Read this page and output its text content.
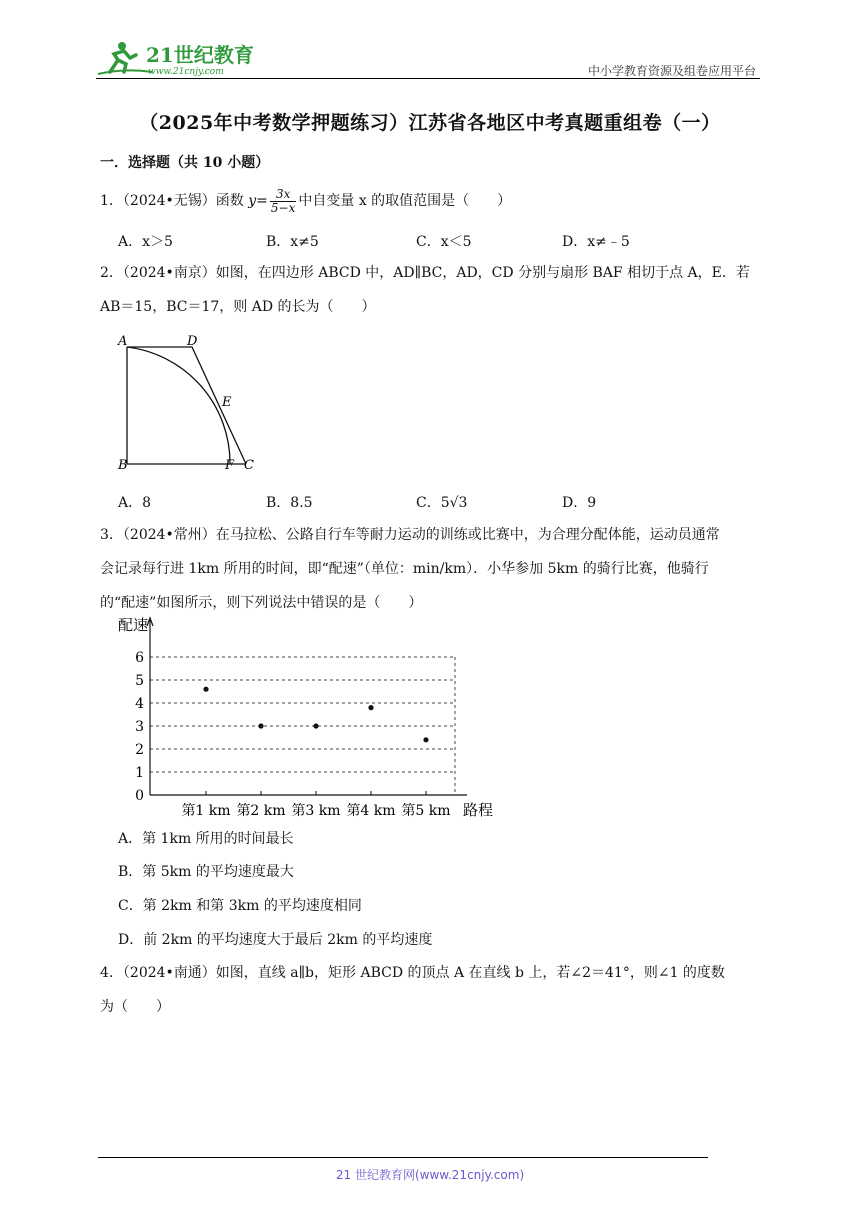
21世纪教育
www.21cnjy.com	中小学教育资源及组卷应用平台
（2025年中考数学押题练习）江苏省各地区中考真题重组卷（一）
一．选择题（共 10 小题）
1．（2024•无锡）函数 $y= \frac{3x}{5-x}$ 中自变量 x 的取值范围是（　　）
A．x＞5	B．x≠5	C．x＜5	D．x≠﹣5
2．（2024•南京）如图，在四边形 ABCD 中，AD∥BC，AD，CD 分别与扇形 BAF 相切于点 A，E．若
AB＝15，BC＝17，则 AD 的长为（　　）
A	D
E
B	F C
A．8	B．8.5	C．5√3	D．9
3．（2024•常州）在马拉松、公路自行车等耐力运动的训练或比赛中，为合理分配体能，运动员通常
会记录每行进 1km 所用的时间，即“配速”（单位：min/km）．小华参加 5km 的骑行比赛，他骑行
的“配速”如图所示，则下列说法中错误的是（　　）
0
1
2
3
4
5
6
配速
第1 km 第2 km 第3 km 第4 km 第5 km 路程
A．第 1km 所用的时间最长
B．第 5km 的平均速度最大
C．第 2km 和第 3km 的平均速度相同
D．前 2km 的平均速度大于最后 2km 的平均速度
4．（2024•南通）如图，直线 a∥b，矩形 ABCD 的顶点 A 在直线 b 上，若∠2＝41°，则∠1 的度数
为（　　）
21 世纪教育网(www.21cnjy.com)
